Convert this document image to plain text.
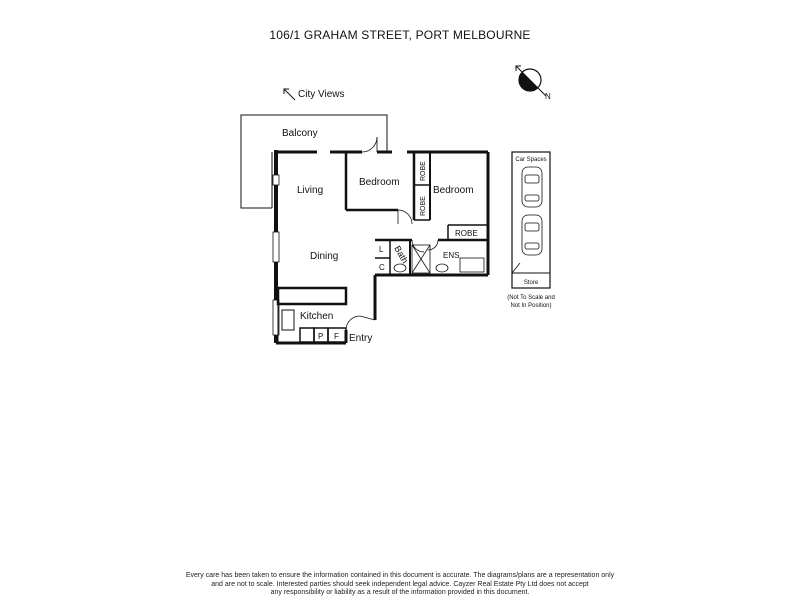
106/1 GRAHAM STREET, PORT MELBOURNE
N
City Views
Balcony
Living
Bedroom
Bedroom
ROBE
ROBE
ROBE
Dining	Bath	ENS
L
C
Kitchen
P F Entry
Car Spaces
Store
(Not To Scale and
Not In Position)
Every care has been taken to ensure the information contained in this document is accurate. The diagrams/plans are a representation only
and are not to scale. Interested parties should seek independent legal advice. Cayzer Real Estate Pty Ltd does not accept
any responsibility or liability as a result of the information provided in this document.
